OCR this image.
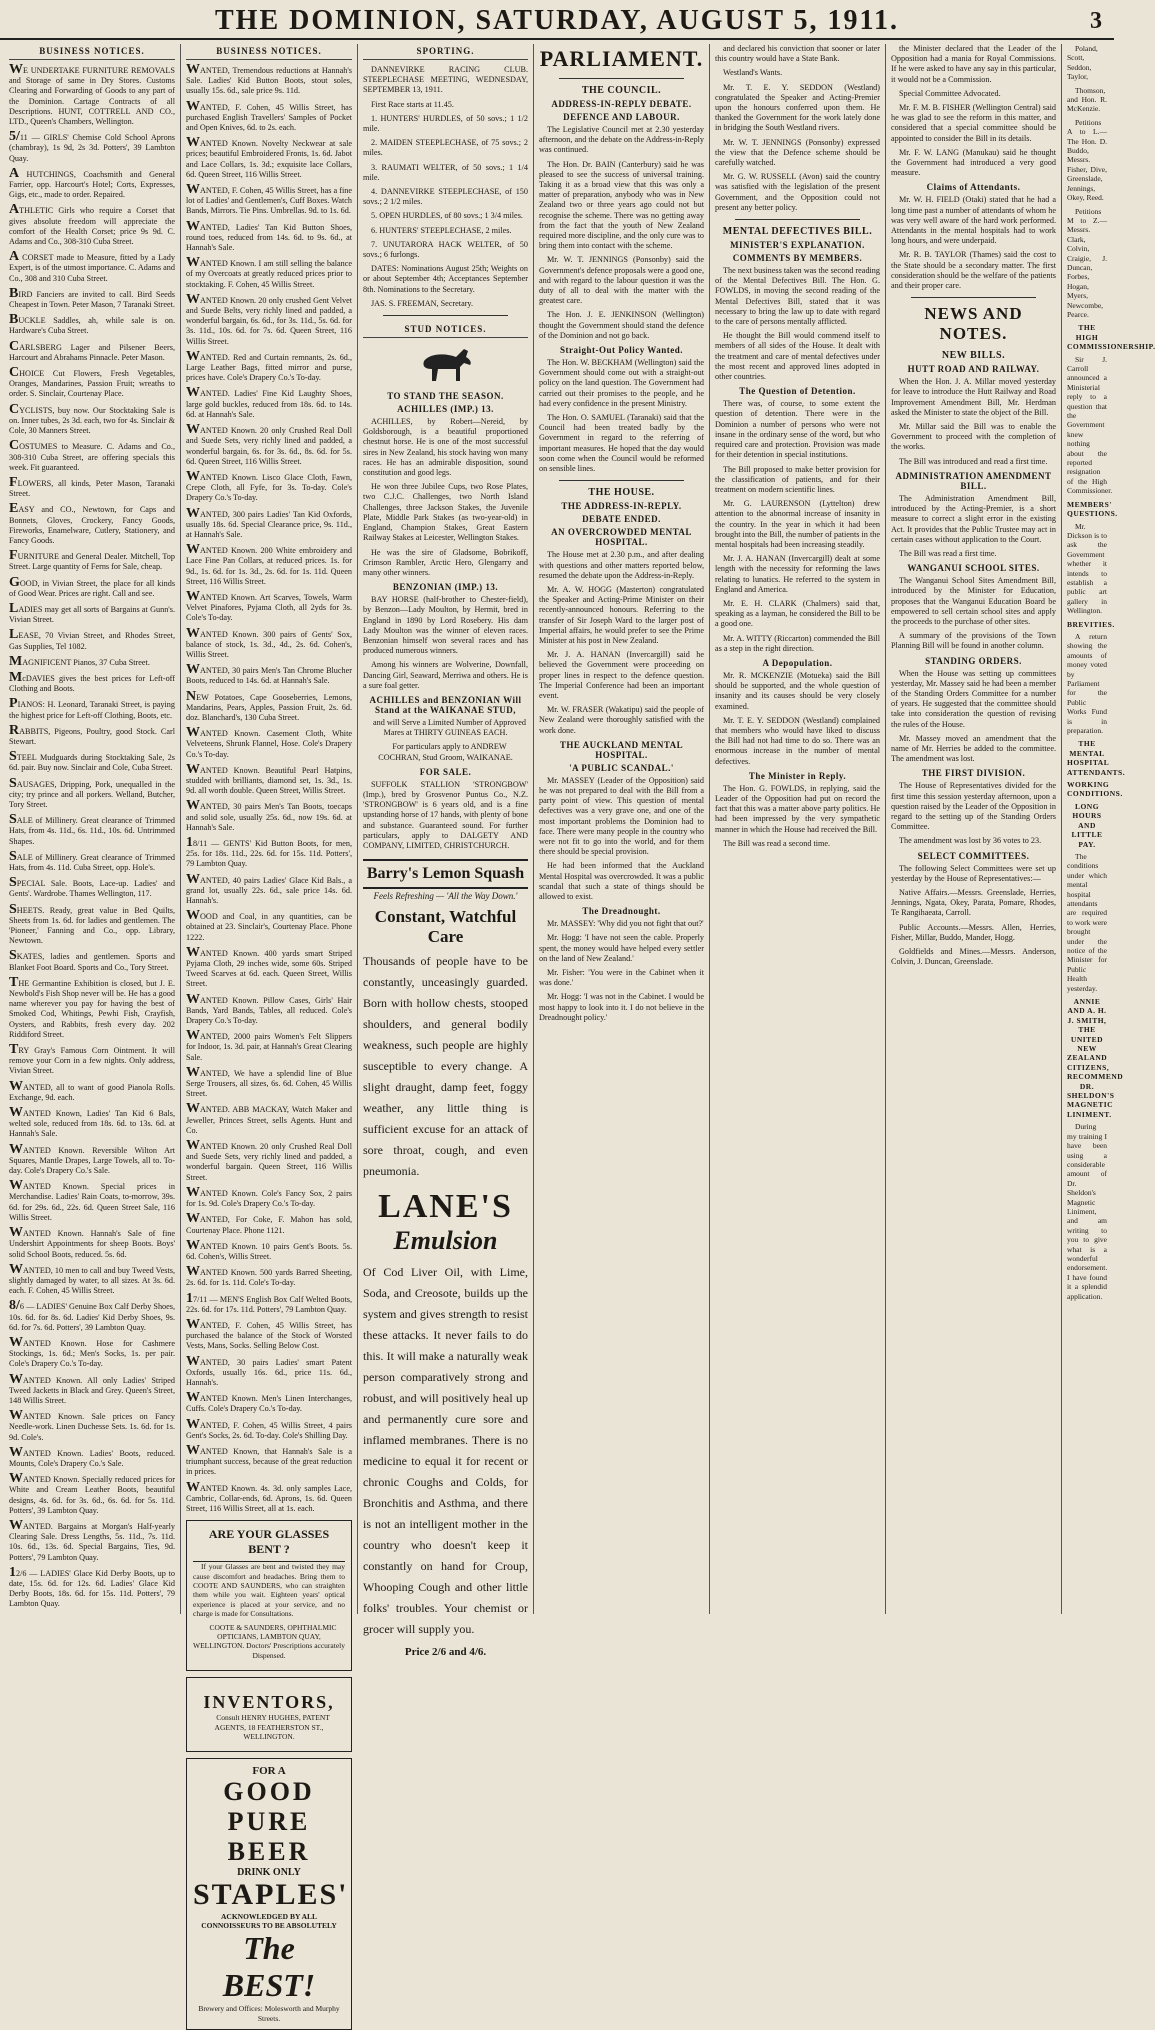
THE DOMINION, SATURDAY, AUGUST 5, 1911.	3
BUSINESS NOTICES.
WE UNDERTAKE FURNITURE REMOVALS and Storage of same in Dry Stores. Customs Clearing and Forwarding of Goods to any part of the Dominion. Cartage Contracts of all Descriptions. HUNT, COTTRELL AND CO., LTD., Queen's Chambers, Wellington.
5/11 — GIRLS' Chemise Cold School Aprons (chambray), 1s 9d, 2s 3d. Potters', 39 Lambton Quay.
A HUTCHINGS, Coachsmith and General Farrier, opp. Harcourt's Hotel; Corts, Expresses, Gigs, etc., made to order. Repaired.
ATHLETIC Girls who require a Corset that gives absolute freedom will appreciate the comfort of the Health Corset; price 9s 9d. C. Adams and Co., 308-310 Cuba Street.
A CORSET made to Measure, fitted by a Lady Expert, is of the utmost importance. C. Adams and Co., 308 and 310 Cuba Street.
BIRD Fanciers are invited to call. Bird Seeds Cheapest in Town. Peter Mason, 7 Taranaki Street.
BUCKLE Saddles, ah, while sale is on. Hardware's Cuba Street.
CARLSBERG Lager and Pilsener Beers, Harcourt and Abrahams Pinnacle. Peter Mason.
CHOICE Cut Flowers, Fresh Vegetables, Oranges, Mandarines, Passion Fruit; wreaths to order. S. Sinclair, Courtenay Place.
CYCLISTS, buy now. Our Stocktaking Sale is on. Inner tubes, 2s 3d. each, two for 4s. Sinclair & Cole, 30 Manners Street.
COSTUMES to Measure. C. Adams and Co., 308-310 Cuba Street, are offering specials this week. Fit guaranteed.
FLOWERS, all kinds, Peter Mason, Taranaki Street.
EASY and CO., Newtown, for Caps and Bonnets, Gloves, Crockery, Fancy Goods, Fireworks, Enamelware, Cutlery, Stationery, and Fancy Goods.
FURNITURE and General Dealer. Mitchell, Top Street. Large quantity of Ferns for Sale, cheap.
GOOD, in Vivian Street, the place for all kinds of Good Wear. Prices are right. Call and see.
LADIES may get all sorts of Bargains at Gunn's. Vivian Street.
LEASE, 70 Vivian Street, and Rhodes Street, Gas Supplies, Tel 1082.
MAGNIFICENT Pianos, 37 Cuba Street.
McDAVIES gives the best prices for Left-off Clothing and Boots.
PIANOS: H. Leonard, Taranaki Street, is paying the highest price for Left-off Clothing, Boots, etc.
RABBITS, Pigeons, Poultry, good Stock. Carl Stewart.
STEEL Mudguards during Stocktaking Sale, 2s 6d. pair. Buy now. Sinclair and Cole, Cuba Street.
SAUSAGES, Dripping, Pork, unequalled in the city; try prince and all porkers. Welland, Butcher, Tory Street.
SALE of Millinery. Great clearance of Trimmed Hats, from 4s. 11d., 6s. 11d., 10s. 6d. Untrimmed Shapes.
SALE of Millinery. Great clearance of Trimmed Hats, from 4s. 11d. Cuba Street, opp. Hole's.
SPECIAL Sale. Boots, Lace-up. Ladies' and Gents'. Wardrobe. Thames Wellington, 117.
SHEETS. Ready, great value in Bed Quilts, Sheets from 1s. 6d. for ladies and gentlemen. The 'Pioneer,' Fanning and Co., opp. Library, Newtown.
SKATES, ladies and gentlemen. Sports and Blanket Foot Board. Sports and Co., Tory Street.
THE Germantine Exhibition is closed, but J. E. Newbold's Fish Shop never will be. He has a good name wherever you pay for having the best of Smoked Cod, Whitings, Pewhi Fish, Crayfish, Oysters, and Rabbits, fresh every day. 202 Riddiford Street.
TRY Gray's Famous Corn Ointment. It will remove your Corn in a few nights. Only address, Vivian Street.
WANTED, all to want of good Pianola Rolls. Exchange, 9d. each.
WANTED Known, Ladies' Tan Kid 6 Bals, welted sole, reduced from 18s. 6d. to 13s. 6d. at Hannah's Sale.
WANTED Known. Reversible Wilton Art Squares, Mantle Drapes, Large Towels, all to. To-day. Cole's Drapery Co.'s Sale.
WANTED Known. Special prices in Merchandise. Ladies' Rain Coats, to-morrow, 39s. 6d. for 29s. 6d., 22s. 6d. Queen Street Sale, 116 Willis Street.
WANTED Known. Hannah's Sale of fine Undershirt Appointments for sheep Boots. Boys' solid School Boots, reduced. 5s. 6d.
WANTED, 10 men to call and buy Tweed Vests, slightly damaged by water, to all sizes. At 3s. 6d. each. F. Cohen, 45 Willis Street.
8/6 — LADIES' Genuine Box Calf Derby Shoes, 10s. 6d. for 8s. 6d. Ladies' Kid Derby Shoes, 9s. 6d. for 7s. 6d. Potters', 39 Lambton Quay.
WANTED Known. Hose for Cashmere Stockings, 1s. 6d.; Men's Socks, 1s. per pair. Cole's Drapery Co.'s To-day.
WANTED Known. All only Ladies' Striped Tweed Jacketts in Black and Grey. Queen's Street, 148 Willis Street.
WANTED Known. Sale prices on Fancy Needle-work. Linen Duchesse Sets. 1s. 6d. for 1s. 9d. Cole's.
WANTED Known. Ladies' Boots, reduced. Mounts, Cole's Drapery Co.'s Sale.
WANTED Known. Specially reduced prices for White and Cream Leather Boots, beautiful designs, 4s. 6d. for 3s. 6d., 6s. 6d. for 5s. 11d. Potters', 39 Lambton Quay.
WANTED. Bargains at Morgan's Half-yearly Clearing Sale. Dress Lengths, 5s. 11d., 7s. 11d. 10s. 6d., 13s. 6d. Special Bargains, Ties, 9d. Potters', 79 Lambton Quay.
12/6 — LADIES' Glace Kid Derby Boots, up to date, 15s. 6d. for 12s. 6d. Ladies' Glace Kid Derby Boots, 18s. 6d. for 15s. 11d. Potters', 79 Lambton Quay.
BUSINESS NOTICES.
WANTED, Tremendous reductions at Hannah's Sale. Ladies' Kid Button Boots, stout soles, usually 15s. 6d., sale price 9s. 11d.
WANTED, F. Cohen, 45 Willis Street, has purchased English Travellers' Samples of Pocket and Open Knives, 6d. to 2s. each.
WANTED Known. Novelty Neckwear at sale prices; beautiful Embroidered Fronts, 1s. 6d. Jabot and Lace Collars, 1s. 3d.; exquisite lace Collars, 6d. Queen Street, 116 Willis Street.
WANTED, F. Cohen, 45 Willis Street, has a fine lot of Ladies' and Gentlemen's, Cuff Boxes. Watch Bands, Mirrors. Tie Pins. Umbrellas. 9d. to 1s. 6d.
WANTED, Ladies' Tan Kid Button Shoes, round toes, reduced from 14s. 6d. to 9s. 6d., at Hannah's Sale.
WANTED Known. I am still selling the balance of my Overcoats at greatly reduced prices prior to stocktaking. F. Cohen, 45 Willis Street.
WANTED Known. 20 only crushed Gent Velvet and Suede Belts, very richly lined and padded, a wonderful bargain, 6s. 6d., for 3s. 11d., 5s. 6d. for 3s. 11d., 10s. 6d. for 7s. 6d. Queen Street, 116 Willis Street.
WANTED. Red and Curtain remnants, 2s. 6d., Large Leather Bags, fitted mirror and purse, prices have. Cole's Drapery Co.'s To-day.
WANTED. Ladies' Fine Kid Laughty Shoes, large gold buckles, reduced from 18s. 6d. to 14s. 6d. at Hannah's Sale.
WANTED Known. 20 only Crushed Real Doll and Suede Sets, very richly lined and padded, a wonderful bargain, 6s. for 3s. 6d., 8s. 6d. for 5s. 6d. Queen Street, 116 Willis Street.
WANTED Known. Lisco Glace Cloth, Fawn, Crepe Cloth, all Fyfe, for 3s. To-day. Cole's Drapery Co.'s To-day.
WANTED, 300 pairs Ladies' Tan Kid Oxfords, usually 18s. 6d. Special Clearance price, 9s. 11d., at Hannah's Sale.
WANTED Known. 200 White embroidery and Lace Fine Pan Collars, at reduced prices. 1s. for 9d., 1s. 6d. for 1s. 3d., 2s. 6d. for 1s. 11d. Queen Street, 116 Willis Street.
WANTED Known. Art Scarves, Towels, Warm Velvet Pinafores, Pyjama Cloth, all 2yds for 3s. Cole's To-day.
WANTED Known. 300 pairs of Gents' Sox, balance of stock, 1s. 3d., 4d., 2s. 6d. Cohen's, Willis Street.
WANTED, 30 pairs Men's Tan Chrome Blucher Boots, reduced to 14s. 6d. at Hannah's Sale.
NEW Potatoes, Cape Gooseberries, Lemons, Mandarins, Pears, Apples, Passion Fruit, 2s. 6d. doz. Blanchard's, 130 Cuba Street.
WANTED Known. Casement Cloth, White Velveteens, Shrunk Flannel, Hose. Cole's Drapery Co.'s To-day.
WANTED Known. Beautiful Pearl Hatpins, studded with brilliants, diamond set, 1s. 3d., 1s. 9d. all worth double. Queen Street, Willis Street.
WANTED, 30 pairs Men's Tan Boots, toecaps and solid sole, usually 25s. 6d., now 19s. 6d. at Hannah's Sale.
18/11 — GENTS' Kid Button Boots, for men, 25s. for 18s. 11d., 22s. 6d. for 15s. 11d. Potters', 79 Lambton Quay.
WANTED, 40 pairs Ladies' Glace Kid Bals., a grand lot, usually 22s. 6d., sale price 14s. 6d. Hannah's.
WOOD and Coal, in any quantities, can be obtained at 23. Sinclair's, Courtenay Place. Phone 1222.
WANTED Known. 400 yards smart Striped Pyjama Cloth, 29 inches wide, some 60s. Striped Tweed Scarves at 6d. each. Queen Street, Willis Street.
WANTED Known. Pillow Cases, Girls' Hair Bands, Yard Bands, Tables, all reduced. Cole's Drapery Co.'s To-day.
WANTED, 2000 pairs Women's Felt Slippers for Indoor, 1s. 3d. pair, at Hannah's Great Clearing Sale.
WANTED, We have a splendid line of Blue Serge Trousers, all sizes, 6s. 6d. Cohen, 45 Willis Street.
WANTED. ABB MACKAY, Watch Maker and Jeweller, Princes Street, sells Agents. Hunt and Co.
WANTED Known. 20 only Crushed Real Doll and Suede Sets, very richly lined and padded, a wonderful bargain. Queen Street, 116 Willis Street.
WANTED Known. Cole's Fancy Sox, 2 pairs for 1s. 9d. Cole's Drapery Co.'s To-day.
WANTED, For Coke, F. Mahon has sold, Courtenay Place. Phone 1121.
WANTED Known. 10 pairs Gent's Boots. 5s. 6d. Cohen's, Willis Street.
WANTED Known. 500 yards Barred Sheeting, 2s. 6d. for 1s. 11d. Cole's To-day.
17/11 — MEN'S English Box Calf Welted Boots, 22s. 6d. for 17s. 11d. Potters', 79 Lambton Quay.
WANTED, F. Cohen, 45 Willis Street, has purchased the balance of the Stock of Worsted Vests, Mans, Socks. Selling Below Cost.
WANTED, 30 pairs Ladies' smart Patent Oxfords, usually 16s. 6d., price 11s. 6d., Hannah's.
WANTED Known. Men's Linen Interchanges, Cuffs. Cole's Drapery Co.'s To-day.
WANTED, F. Cohen, 45 Willis Street, 4 pairs Gent's Socks, 2s. 6d. To-day. Cole's Shilling Day.
WANTED Known, that Hannah's Sale is a triumphant success, because of the great reduction in prices.
WANTED Known. 4s. 3d. only samples Lace, Cambric, Collar-ends, 6d. Aprons, 1s. 6d. Queen Street, 116 Willis Street, all at 1s. each.
ARE YOUR GLASSES BENT ?
If your Glasses are bent and twisted they may cause discomfort and headaches. Bring them to COOTE AND SAUNDERS, who can straighten them while you wait. Eighteen years' optical experience is placed at your service, and no charge is made for Consultations.
COOTE & SAUNDERS, OPHTHALMIC OPTICIANS, LAMBTON QUAY, WELLINGTON. Doctors' Prescriptions accurately Dispensed.
INVENTORS,
Consult HENRY HUGHES, PATENT AGENTS, 18 FEATHERSTON ST., WELLINGTON.
FOR A
GOOD PURE BEER
DRINK ONLY
STAPLES'
ACKNOWLEDGED BY ALL CONNOISSEURS TO BE ABSOLUTELY
The BEST!
Brewery and Offices: Molesworth and Murphy Streets.
SPORTING.
DANNEVIRKE RACING CLUB. STEEPLECHASE MEETING, WEDNESDAY, SEPTEMBER 13, 1911.
First Race starts at 11.45.
1. HUNTERS' HURDLES, of 50 sovs.; 1 1/2 mile.
2. MAIDEN STEEPLECHASE, of 75 sovs.; 2 miles.
3. RAUMATI WELTER, of 50 sovs.; 1 1/4 mile.
4. DANNEVIRKE STEEPLECHASE, of 150 sovs.; 2 1/2 miles.
5. OPEN HURDLES, of 80 sovs.; 1 3/4 miles.
6. HUNTERS' STEEPLECHASE, 2 miles.
7. UNUTARORA HACK WELTER, of 50 sovs.; 6 furlongs.
DATES: Nominations August 25th; Weights on or about September 4th; Acceptances September 8th. Nominations to the Secretary.
JAS. S. FREEMAN, Secretary.
STUD NOTICES.
TO STAND THE SEASON.
ACHILLES (IMP.) 13.
ACHILLES, by Robert—Nereid, by Goldsborough, is a beautiful proportioned chestnut horse. He is one of the most successful sires in New Zealand, his stock having won many races. He has an admirable disposition, sound constitution and good legs.
He won three Jubilee Cups, two Rose Plates, two C.J.C. Challenges, two North Island Challenges, three Jackson Stakes, the Juvenile Plate, Middle Park Stakes (as two-year-old) in England, Champion Stakes, Great Eastern Railway Stakes at Leicester, Wellington Stakes.
He was the sire of Gladsome, Bobrikoff, Crimson Rambler, Arctic Hero, Glengarry and many other winners.
BENZONIAN (IMP.) 13.
BAY HORSE (half-brother to Chester-field), by Benzon—Lady Moulton, by Hermit, bred in England in 1890 by Lord Rosebery. His dam Lady Moulton was the winner of eleven races. Benzonian himself won several races and has produced numerous winners.
Among his winners are Wolverine, Downfall, Dancing Girl, Seaward, Merriwa and others. He is a sure foal getter.
ACHILLES and BENZONIAN Will Stand at the WAIKANAE STUD,
and will Serve a Limited Number of Approved Mares at THIRTY GUINEAS EACH.
For particulars apply to ANDREW COCHRAN, Stud Groom, WAIKANAE.
FOR SALE.
SUFFOLK STALLION 'STRONGBOW' (Imp.), bred by Grosvenor Puntus Co., N.Z. 'STRONGBOW' is 6 years old, and is a fine upstanding horse of 17 hands, with plenty of bone and substance. Guaranteed sound. For further particulars, apply to DALGETY AND COMPANY, LIMITED, CHRISTCHURCH.
Barry's Lemon Squash
Feels Refreshing — 'All the Way Down.'
Constant, Watchful Care
Thousands of people have to be constantly, unceasingly guarded. Born with hollow chests, stooped shoulders, and general bodily weakness, such people are highly susceptible to every change. A slight draught, damp feet, foggy weather, any little thing is sufficient excuse for an attack of sore throat, cough, and even pneumonia.
LANE'S
Emulsion
Of Cod Liver Oil, with Lime, Soda, and Creosote, builds up the system and gives strength to resist these attacks. It never fails to do this. It will make a naturally weak person comparatively strong and robust, and will positively heal up and permanently cure sore and inflamed membranes. There is no medicine to equal it for recent or chronic Coughs and Colds, for Bronchitis and Asthma, and there is not an intelligent mother in the country who doesn't keep it constantly on hand for Croup, Whooping Cough and other little folks' troubles. Your chemist or grocer will supply you.
Price 2/6 and 4/6.
PARLIAMENT.
THE COUNCIL.
ADDRESS-IN-REPLY DEBATE.
DEFENCE AND LABOUR.
The Legislative Council met at 2.30 yesterday afternoon, and the debate on the Address-in-Reply was continued.
The Hon. Dr. BAIN (Canterbury) said he was pleased to see the success of universal training. Taking it as a broad view that this was only a matter of preparation, anybody who was in New Zealand two or three years ago could not but recognise the scheme. There was no getting away from the fact that the youth of New Zealand required more discipline, and the only cure was to bring them into contact with the scheme.
Mr. W. T. JENNINGS (Ponsonby) said the Government's defence proposals were a good one, and with regard to the labour question it was the duty of all to deal with the matter with the greatest care.
The Hon. J. E. JENKINSON (Wellington) thought the Government should stand the defence of the Dominion and not go back.
Straight-Out Policy Wanted.
The Hon. W. BECKHAM (Wellington) said the Government should come out with a straight-out policy on the land question. The Government had carried out their promises to the people, and he had every confidence in the present Ministry.
The Hon. O. SAMUEL (Taranaki) said that the Council had been treated badly by the Government in regard to the referring of important measures. He hoped that the day would soon come when the Council would be reformed on sensible lines.
THE HOUSE.
THE ADDRESS-IN-REPLY.
DEBATE ENDED.
AN OVERCROWDED MENTAL HOSPITAL.
The House met at 2.30 p.m., and after dealing with questions and other matters reported below, resumed the debate upon the Address-in-Reply.
Mr. A. W. HOGG (Masterton) congratulated the Speaker and Acting-Prime Minister on their recently-announced honours. Referring to the transfer of Sir Joseph Ward to the larger post of Imperial affairs, he would prefer to see the Prime Minister at his post in New Zealand.
Mr. J. A. HANAN (Invercargill) said he believed the Government were proceeding on proper lines in respect to the defence question. The Imperial Conference had been an important event.
Mr. W. FRASER (Wakatipu) said the people of New Zealand were thoroughly satisfied with the work done.
THE AUCKLAND MENTAL HOSPITAL.
'A PUBLIC SCANDAL.'
Mr. MASSEY (Leader of the Opposition) said he was not prepared to deal with the Bill from a party point of view. This question of mental defectives was a very grave one, and one of the most important problems the Dominion had to face. There were many people in the country who were not fit to go into the world, and for them there should be special provision.
He had been informed that the Auckland Mental Hospital was overcrowded. It was a public scandal that such a state of things should be allowed to exist.
The Dreadnought.
Mr. MASSEY: 'Why did you not fight that out?'
Mr. Hogg: 'I have not seen the cable. Properly spent, the money would have helped every settler on the land of New Zealand.'
Mr. Fisher: 'You were in the Cabinet when it was done.'
Mr. Hogg: 'I was not in the Cabinet. I would be most happy to look into it. I do not believe in the Dreadnought policy.'
and declared his conviction that sooner or later this country would have a State Bank.
Westland's Wants.
Mr. T. E. Y. SEDDON (Westland) congratulated the Speaker and Acting-Premier upon the honours conferred upon them. He thanked the Government for the work lately done in bridging the South Westland rivers.
Mr. W. T. JENNINGS (Ponsonby) expressed the view that the Defence scheme should be carefully watched.
Mr. G. W. RUSSELL (Avon) said the country was satisfied with the legislation of the present Government, and the Opposition could not present any better policy.
MENTAL DEFECTIVES BILL.
MINISTER'S EXPLANATION.
COMMENTS BY MEMBERS.
The next business taken was the second reading of the Mental Defectives Bill. The Hon. G. FOWLDS, in moving the second reading of the Mental Defectives Bill, stated that it was necessary to bring the law up to date with regard to the care of persons mentally afflicted.
He thought the Bill would commend itself to members of all sides of the House. It dealt with the treatment and care of mental defectives under the most recent and approved lines adopted in other countries.
The Question of Detention.
There was, of course, to some extent the question of detention. There were in the Dominion a number of persons who were not insane in the ordinary sense of the word, but who required care and protection. Provision was made for their detention in special institutions.
The Bill proposed to make better provision for the classification of patients, and for their treatment on modern scientific lines.
Mr. G. LAURENSON (Lyttelton) drew attention to the abnormal increase of insanity in the country. In the year in which it had been brought into the Bill, the number of patients in the mental hospitals had been increasing steadily.
Mr. J. A. HANAN (Invercargill) dealt at some length with the necessity for reforming the laws relating to lunatics. He referred to the system in England and America.
Mr. E. H. CLARK (Chalmers) said that, speaking as a layman, he considered the Bill to be a good one.
Mr. A. WITTY (Riccarton) commended the Bill as a step in the right direction.
A Depopulation.
Mr. R. MCKENZIE (Motueka) said the Bill should be supported, and the whole question of insanity and its causes should be very closely examined.
Mr. T. E. Y. SEDDON (Westland) complained that members who would have liked to discuss the Bill had not had time to do so. There was an enormous increase in the number of mental defectives.
The Minister in Reply.
The Hon. G. FOWLDS, in replying, said the Leader of the Opposition had put on record the fact that this was a matter above party politics. He had been impressed by the very sympathetic manner in which the House had received the Bill.
The Bill was read a second time.
the Minister declared that the Leader of the Opposition had a mania for Royal Commissions. If he were asked to have any say in this particular, it would not be a Commission.
Special Committee Advocated.
Mr. F. M. B. FISHER (Wellington Central) said he was glad to see the reform in this matter, and considered that a special committee should be appointed to consider the Bill in its details.
Mr. F. W. LANG (Manukau) said he thought the Government had introduced a very good measure.
Claims of Attendants.
Mr. W. H. FIELD (Otaki) stated that he had a long time past a number of attendants of whom he was very well aware of the hard work performed. Attendants in the mental hospitals had to work long hours, and were underpaid.
Mr. R. B. TAYLOR (Thames) said the cost to the State should be a secondary matter. The first consideration should be the welfare of the patients and their proper care.
NEWS AND NOTES.
NEW BILLS.
HUTT ROAD AND RAILWAY.
When the Hon. J. A. Millar moved yesterday for leave to introduce the Hutt Railway and Road Improvement Amendment Bill, Mr. Herdman asked the Minister to state the object of the Bill.
Mr. Millar said the Bill was to enable the Government to proceed with the completion of the works.
The Bill was introduced and read a first time.
ADMINISTRATION AMENDMENT BILL.
The Administration Amendment Bill, introduced by the Acting-Premier, is a short measure to correct a slight error in the existing Act. It provides that the Public Trustee may act in certain cases without application to the Court.
The Bill was read a first time.
WANGANUI SCHOOL SITES.
The Wanganui School Sites Amendment Bill, introduced by the Minister for Education, proposes that the Wanganui Education Board be empowered to sell certain school sites and apply the proceeds to the purchase of other sites.
A summary of the provisions of the Town Planning Bill will be found in another column.
STANDING ORDERS.
When the House was setting up committees yesterday, Mr. Massey said he had been a member of the Standing Orders Committee for a number of years. He suggested that the committee should take into consideration the question of revising the rules of the House.
Mr. Massey moved an amendment that the name of Mr. Herries be added to the committee. The amendment was lost.
THE FIRST DIVISION.
The House of Representatives divided for the first time this session yesterday afternoon, upon a question raised by the Leader of the Opposition in regard to the setting up of the Standing Orders Committee.
The amendment was lost by 36 votes to 23.
SELECT COMMITTEES.
The following Select Committees were set up yesterday by the House of Representatives:—
Native Affairs.—Messrs. Greenslade, Herries, Jennings, Ngata, Okey, Parata, Pomare, Rhodes, Te Rangihaeata, Carroll.
Public Accounts.—Messrs. Allen, Herries, Fisher, Millar, Buddo, Mander, Hogg.
Goldfields and Mines.—Messrs. Anderson, Colvin, J. Duncan, Greenslade.
Poland, Scott, Seddon, Taylor,
Thomson, and Hon. R. McKenzie.
Petitions A to L.—The Hon. D. Buddo, Messrs. Fisher, Dive, Greenslade, Jennings, Okey, Reed.
Petitions M to Z.—Messrs. Clark, Colvin, Craigie, J. Duncan, Forbes, Hogan, Myers, Newcombe, Pearce.
THE HIGH COMMISSIONERSHIP.
Sir J. Carroll announced a Ministerial reply to a question that the Government knew nothing about the reported resignation of the High Commissioner.
MEMBERS' QUESTIONS.
Mr. Dickson is to ask the Government whether it intends to establish a public art gallery in Wellington.
BREVITIES.
A return showing the amounts of money voted by Parliament for the Public Works Fund is in preparation.
THE MENTAL HOSPITAL ATTENDANTS.
WORKING CONDITIONS.
LONG HOURS AND LITTLE PAY.
The conditions under which mental hospital attendants are required to work were brought under the notice of the Minister for Public Health yesterday.
ANNIE AND A. H. J. SMITH, THE UNITED NEW ZEALAND CITIZENS, RECOMMEND DR. SHELDON'S MAGNETIC LINIMENT.
During my training I have been using a considerable amount of Dr. Sheldon's Magnetic Liniment, and am writing to you to give what is a wonderful endorsement. I have found it a splendid application.
